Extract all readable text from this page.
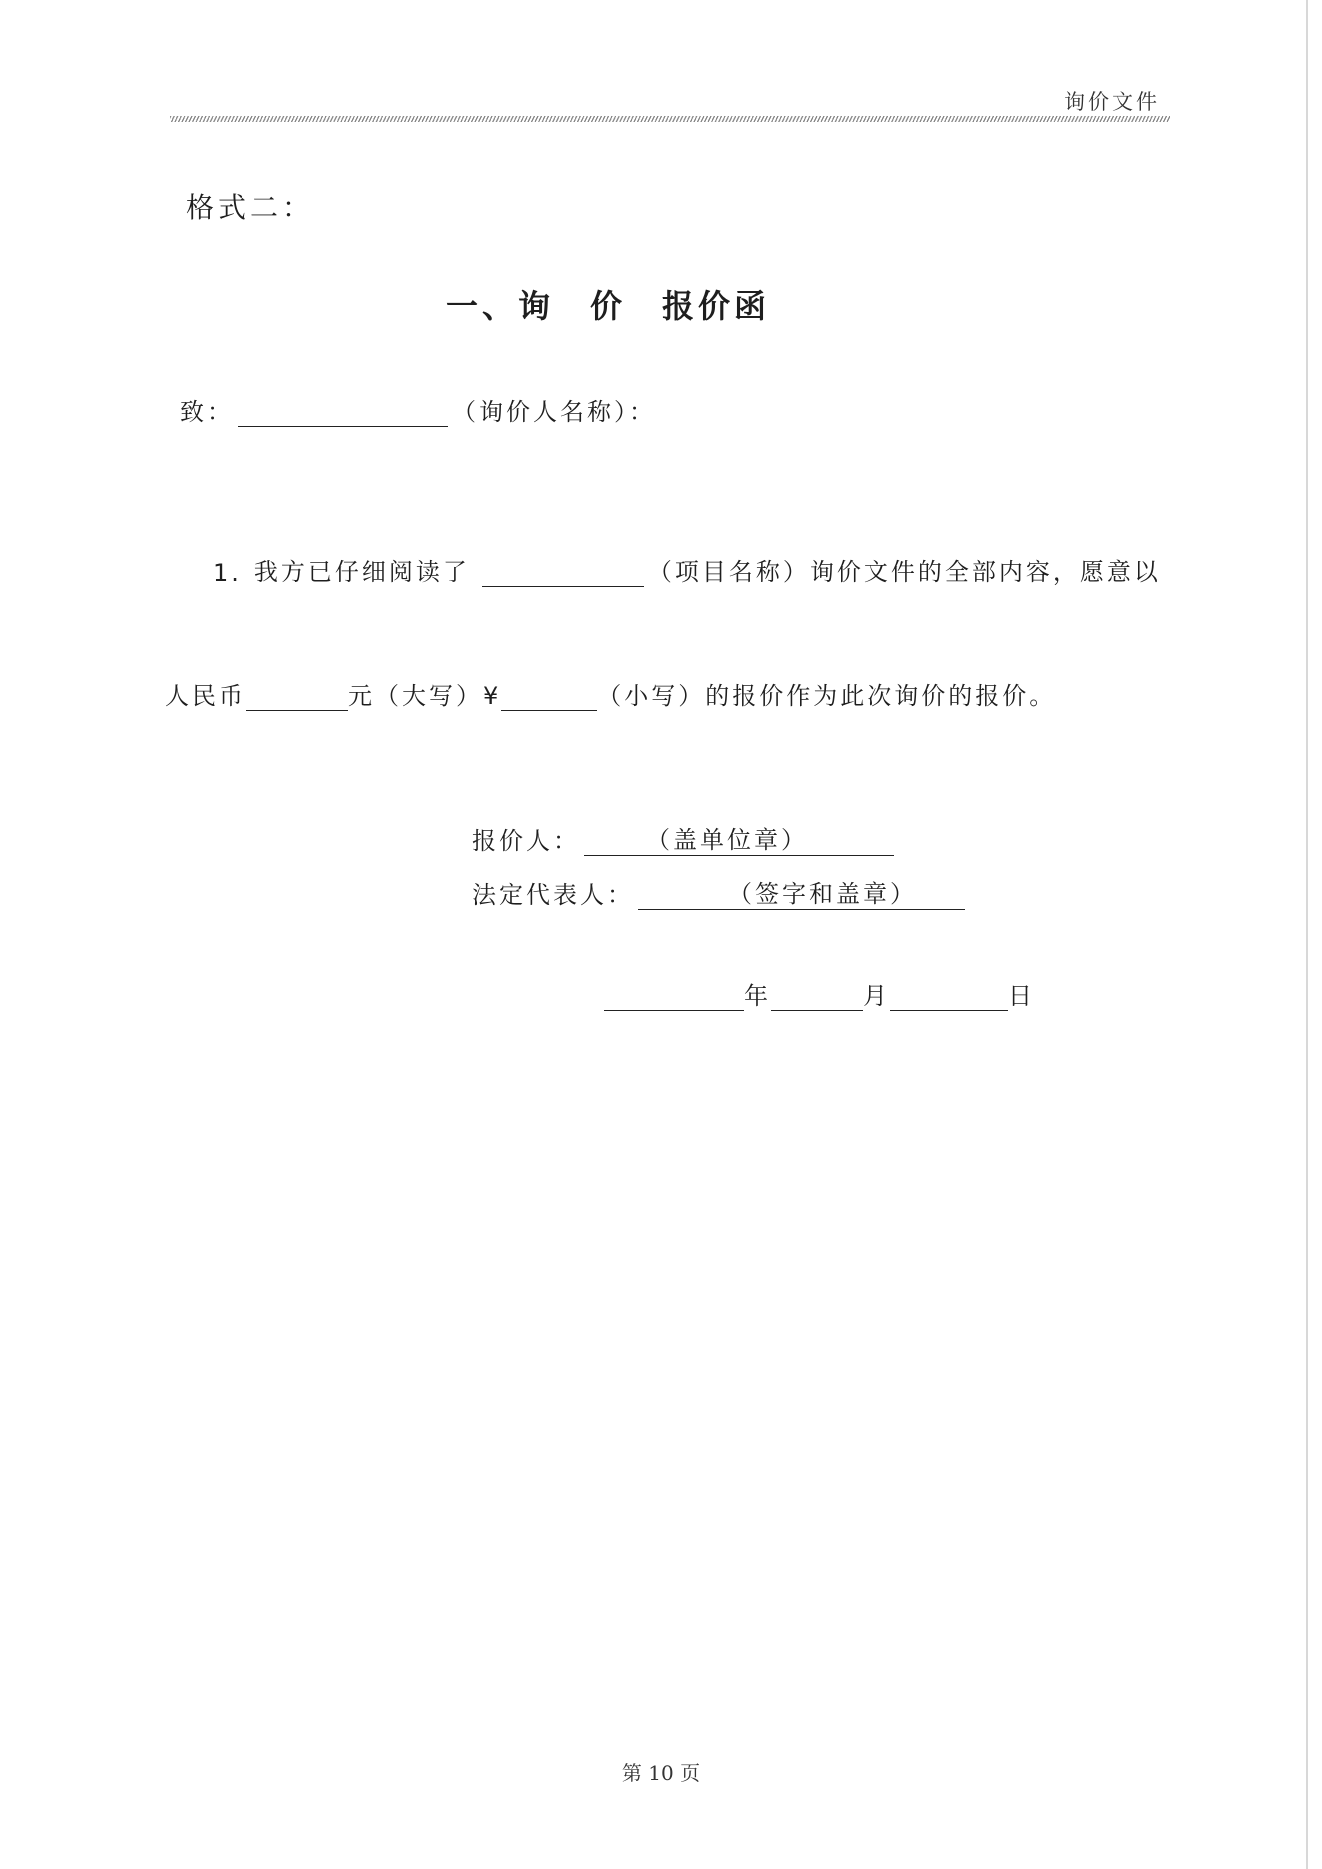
询价文件
格式二：
一、询　价　报价函
致：	（询价人名称）：
1. 我方已仔细阅读了	（项目名称）询价文件的全部内容，愿意以
人民币	元（大写）¥	（小写）的报价作为此次询价的报价。
报价人：	（盖单位章）
法定代表人：	（签字和盖章）
年	月	日
第 10 页
